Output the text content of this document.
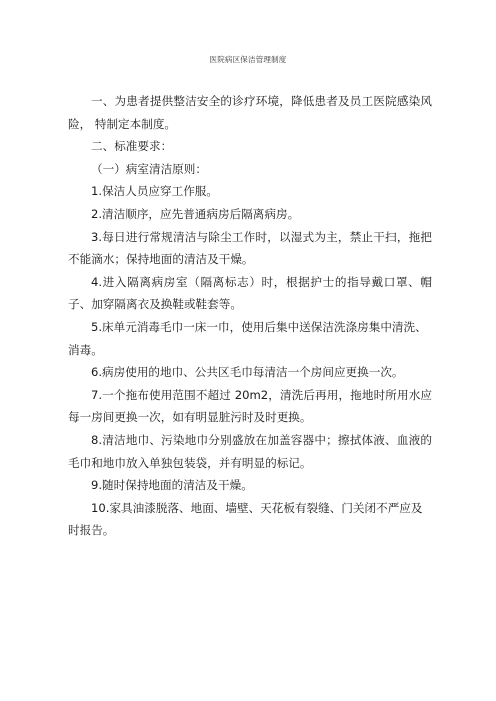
医院病区保洁管理制度

一、为患者提供整洁安全的诊疗环境，降低患者及员工医院感染风险， 特制定本制度。

二、标准要求：

（一）病室清洁原则：

1.保洁人员应穿工作服。

2.清洁顺序，应先普通病房后隔离病房。

3.每日进行常规清洁与除尘工作时，以湿式为主，禁止干扫，拖把不能滴水；保持地面的清洁及干燥。

4.进入隔离病房室（隔离标志）时，根据护士的指导戴口罩、帽子、加穿隔离衣及换鞋或鞋套等。

5.床单元消毒毛巾一床一巾，使用后集中送保洁洗涤房集中清洗、消毒。

6.病房使用的地巾、公共区毛巾每清洁一个房间应更换一次。

7.一个拖布使用范围不超过 20m2，清洗后再用，拖地时所用水应每一房间更换一次，如有明显脏污时及时更换。

8.清洁地巾、污染地巾分别盛放在加盖容器中；擦拭体液、血液的毛巾和地巾放入单独包装袋，并有明显的标记。

9.随时保持地面的清洁及干燥。

10.家具油漆脱落、地面、墙壁、天花板有裂缝、门关闭不严应及时报告。
